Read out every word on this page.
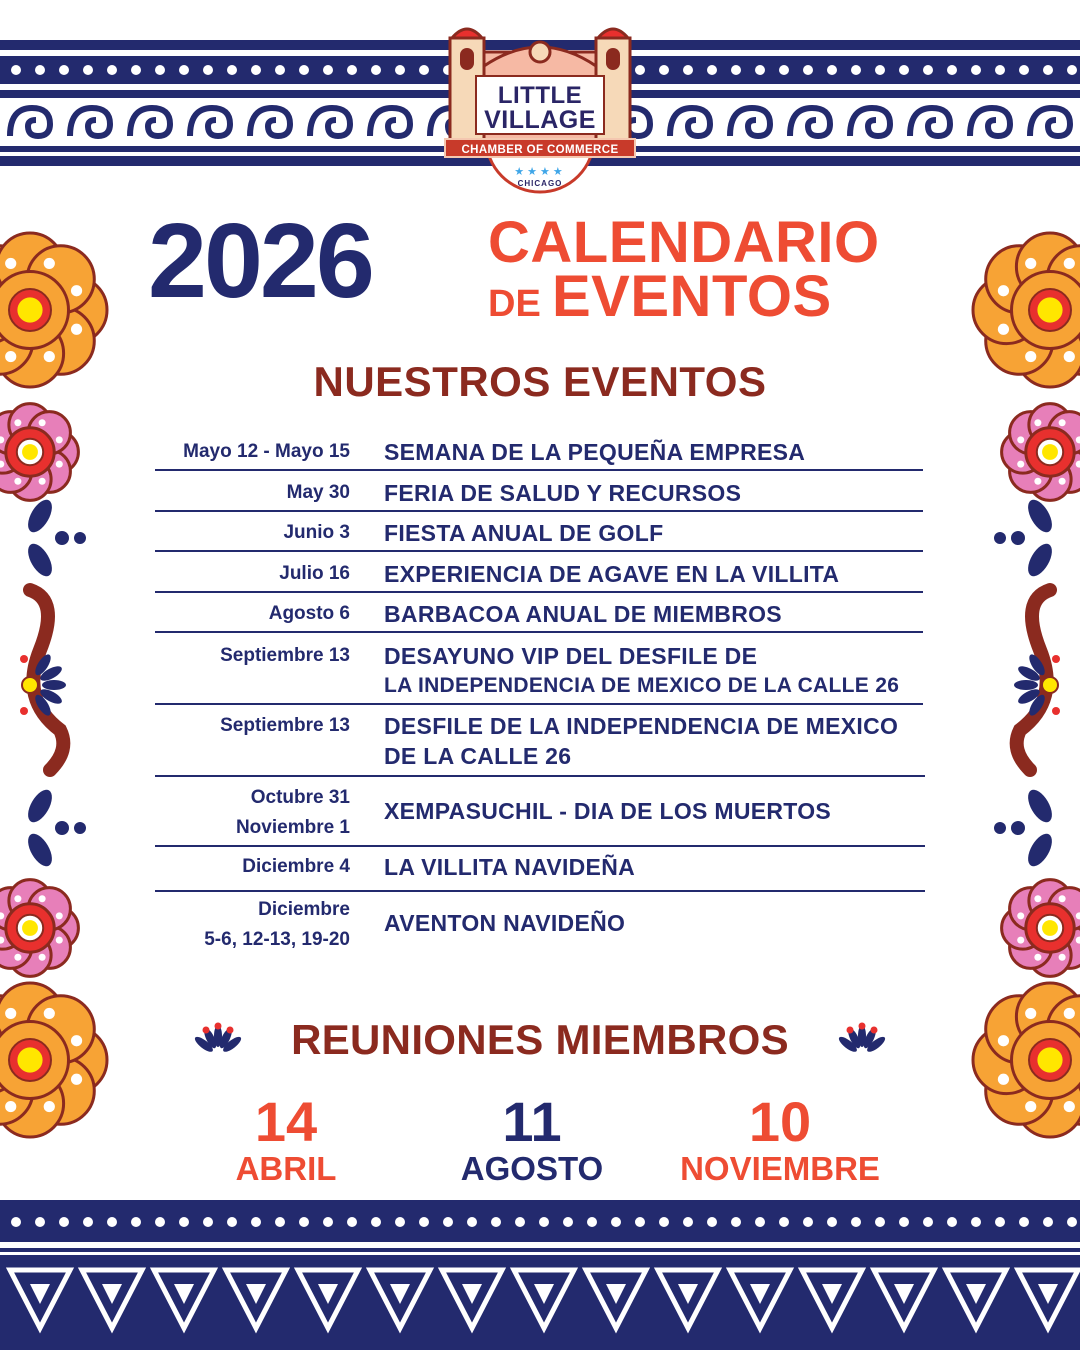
LITTLE
VILLAGE
CHAMBER OF COMMERCE
★★★★
CHICAGO
2026 CALENDARIO
DE EVENTOS
NUESTROS EVENTOS
Mayo 12 - Mayo 15 SEMANA DE LA PEQUEÑA EMPRESA
May 30 FERIA DE SALUD Y RECURSOS
Junio 3 FIESTA ANUAL DE GOLF
Julio 16 EXPERIENCIA DE AGAVE EN LA VILLITA
Agosto 6 BARBACOA ANUAL DE MIEMBROS
Septiembre 13 DESAYUNO VIP DEL DESFILE DE
LA INDEPENDENCIA DE MEXICO DE LA CALLE 26
Septiembre 13 DESFILE DE LA INDEPENDENCIA DE MEXICO
DE LA CALLE 26
Octubre 31
Noviembre 1
XEMPASUCHIL - DIA DE LOS MUERTOS
Diciembre 4 LA VILLITA NAVIDEÑA
Diciembre
5-6, 12-13, 19-20
AVENTON NAVIDEÑO
REUNIONES MIEMBROS
14
ABRIL
11
AGOSTO
10
NOVIEMBRE
